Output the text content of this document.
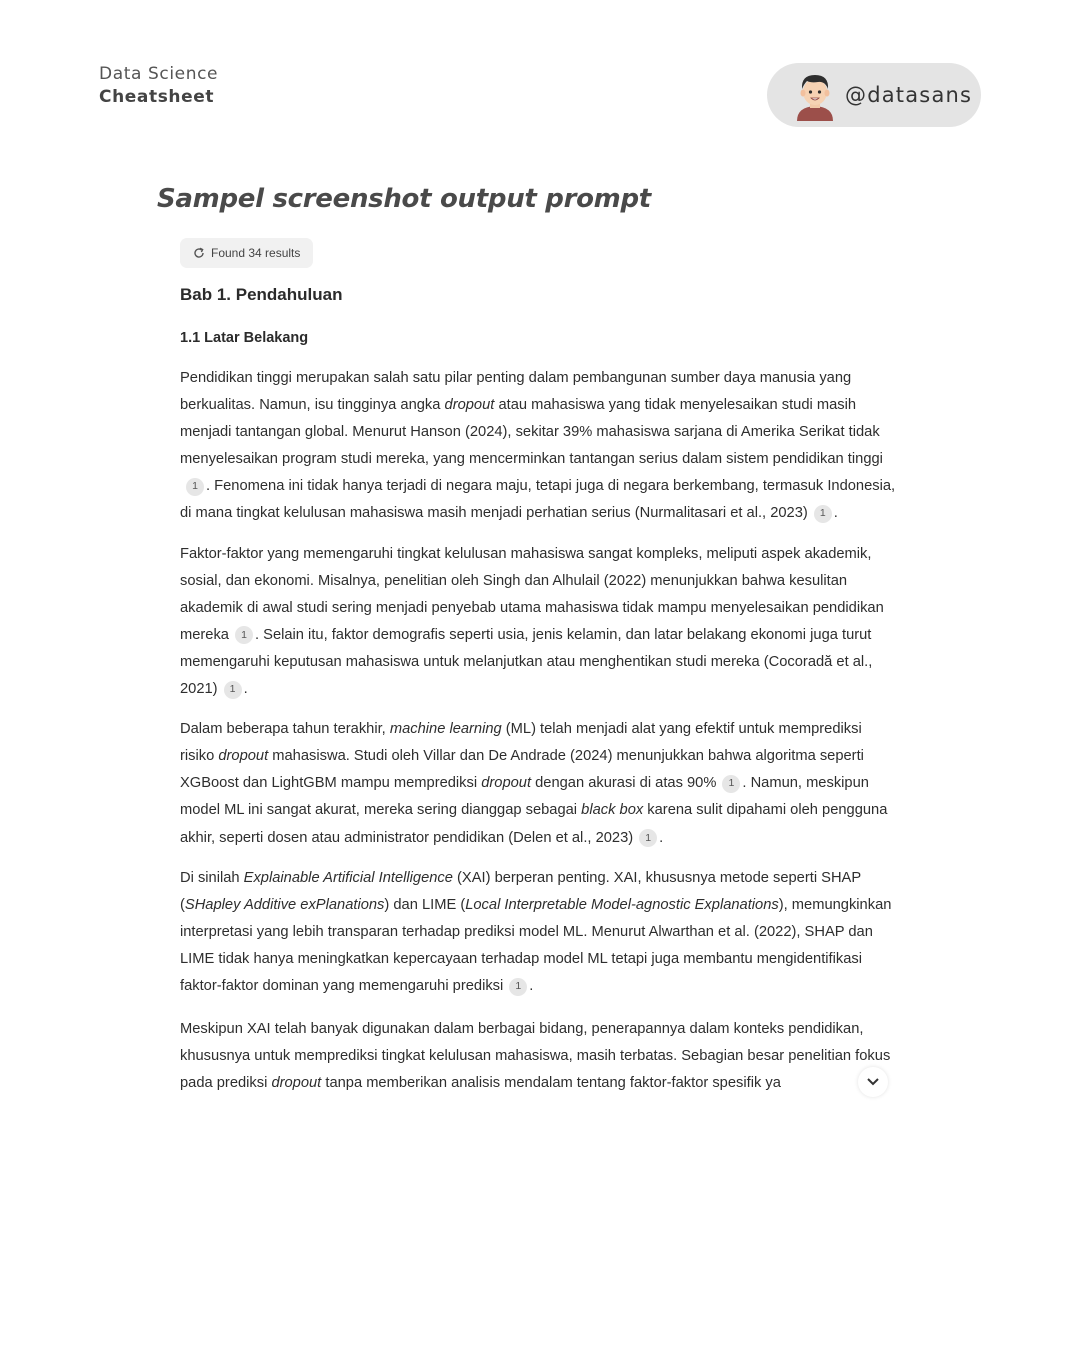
Data Science
Cheatsheet	@datasans
Sampel screenshot output prompt
Found 34 results
Bab 1. Pendahuluan
1.1 Latar Belakang

Pendidikan tinggi merupakan salah satu pilar penting dalam pembangunan sumber daya manusia yang berkualitas. Namun, isu tingginya angka dropout atau mahasiswa yang tidak menyelesaikan studi masih menjadi tantangan global. Menurut Hanson (2024), sekitar 39% mahasiswa sarjana di Amerika Serikat tidak menyelesaikan program studi mereka, yang mencerminkan tantangan serius dalam sistem pendidikan tinggi1 . Fenomena ini tidak hanya terjadi di negara maju, tetapi juga di negara berkembang, termasuk Indonesia, di mana tingkat kelulusan mahasiswa masih menjadi perhatian serius (Nurmalitasari et al., 2023) 1 .

Faktor-faktor yang memengaruhi tingkat kelulusan mahasiswa sangat kompleks, meliputi aspek akademik, sosial, dan ekonomi. Misalnya, penelitian oleh Singh dan Alhulail (2022) menunjukkan bahwa kesulitan akademik di awal studi sering menjadi penyebab utama mahasiswa tidak mampu menyelesaikan pendidikan mereka 1 . Selain itu, faktor demografis seperti usia, jenis kelamin, dan latar belakang ekonomi juga turut memengaruhi keputusan mahasiswa untuk melanjutkan atau menghentikan studi mereka (Cocoradă et al., 2021) 1 .

Dalam beberapa tahun terakhir, machine learning (ML) telah menjadi alat yang efektif untuk memprediksi risiko dropout mahasiswa. Studi oleh Villar dan De Andrade (2024) menunjukkan bahwa algoritma seperti XGBoost dan LightGBM mampu memprediksi dropout dengan akurasi di atas 90% 1 . Namun, meskipun model ML ini sangat akurat, mereka sering dianggap sebagai black box karena sulit dipahami oleh pengguna akhir, seperti dosen atau administrator pendidikan (Delen et al., 2023) 1 .

Di sinilah Explainable Artificial Intelligence (XAI) berperan penting. XAI, khususnya metode seperti SHAP (SHapley Additive exPlanations) dan LIME (Local Interpretable Model-agnostic Explanations), memungkinkan interpretasi yang lebih transparan terhadap prediksi model ML. Menurut Alwarthan et al. (2022), SHAP dan LIME tidak hanya meningkatkan kepercayaan terhadap model ML tetapi juga membantu mengidentifikasi faktor-faktor dominan yang memengaruhi prediksi 1 .

Meskipun XAI telah banyak digunakan dalam berbagai bidang, penerapannya dalam konteks pendidikan, khususnya untuk memprediksi tingkat kelulusan mahasiswa, masih terbatas. Sebagian besar penelitian fokus pada prediksi dropout tanpa memberikan analisis mendalam tentang faktor-faktor spesifik ya
